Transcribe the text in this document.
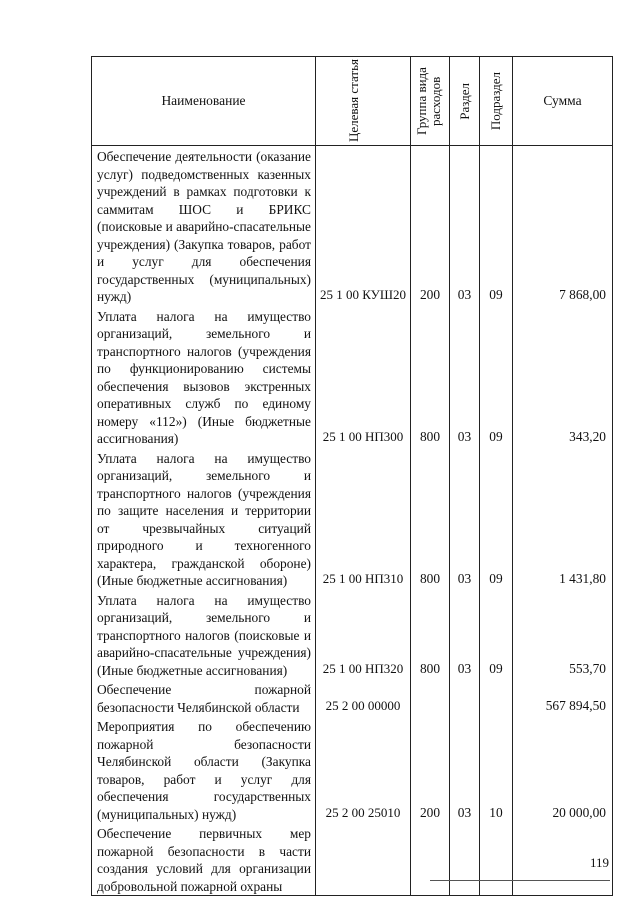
Наименование	Целевая статья	Группа вида расходов	Раздел	Подраздел	Сумма
Обеспечение деятельности (оказание услуг) подведомственных казенных учреждений в рамках подготовки к саммитам ШОС и БРИКС (поисковые и аварийно-спасательные учреждения) (Закупка товаров, работ и услуг для обеспечения государственных (муниципальных) нужд)	25 1 00 КУШ20	200	03	09	7 868,00
Уплата налога на имущество организаций, земельного и транспортного налогов (учреждения по функционированию системы обеспечения вызовов экстренных оперативных служб по единому номеру «112») (Иные бюджетные ассигнования)	25 1 00 НП300	800	03	09	343,20
Уплата налога на имущество организаций, земельного и транспортного налогов (учреждения по защите населения и территории от чрезвычайных ситуаций природного и техногенного характера, гражданской обороне) (Иные бюджетные ассигнования)	25 1 00 НП310	800	03	09	1 431,80
Уплата налога на имущество организаций, земельного и транспортного налогов (поисковые и аварийно-спасательные учреждения) (Иные бюджетные ассигнования)	25 1 00 НП320	800	03	09	553,70
Обеспечение пожарной безопасности Челябинской области	25 2 00 00000				567 894,50
Мероприятия по обеспечению пожарной безопасности Челябинской области (Закупка товаров, работ и услуг для обеспечения государственных (муниципальных) нужд)	25 2 00 25010	200	03	10	20 000,00
Обеспечение первичных мер пожарной безопасности в части создания условий для организации добровольной пожарной охраны					
119
